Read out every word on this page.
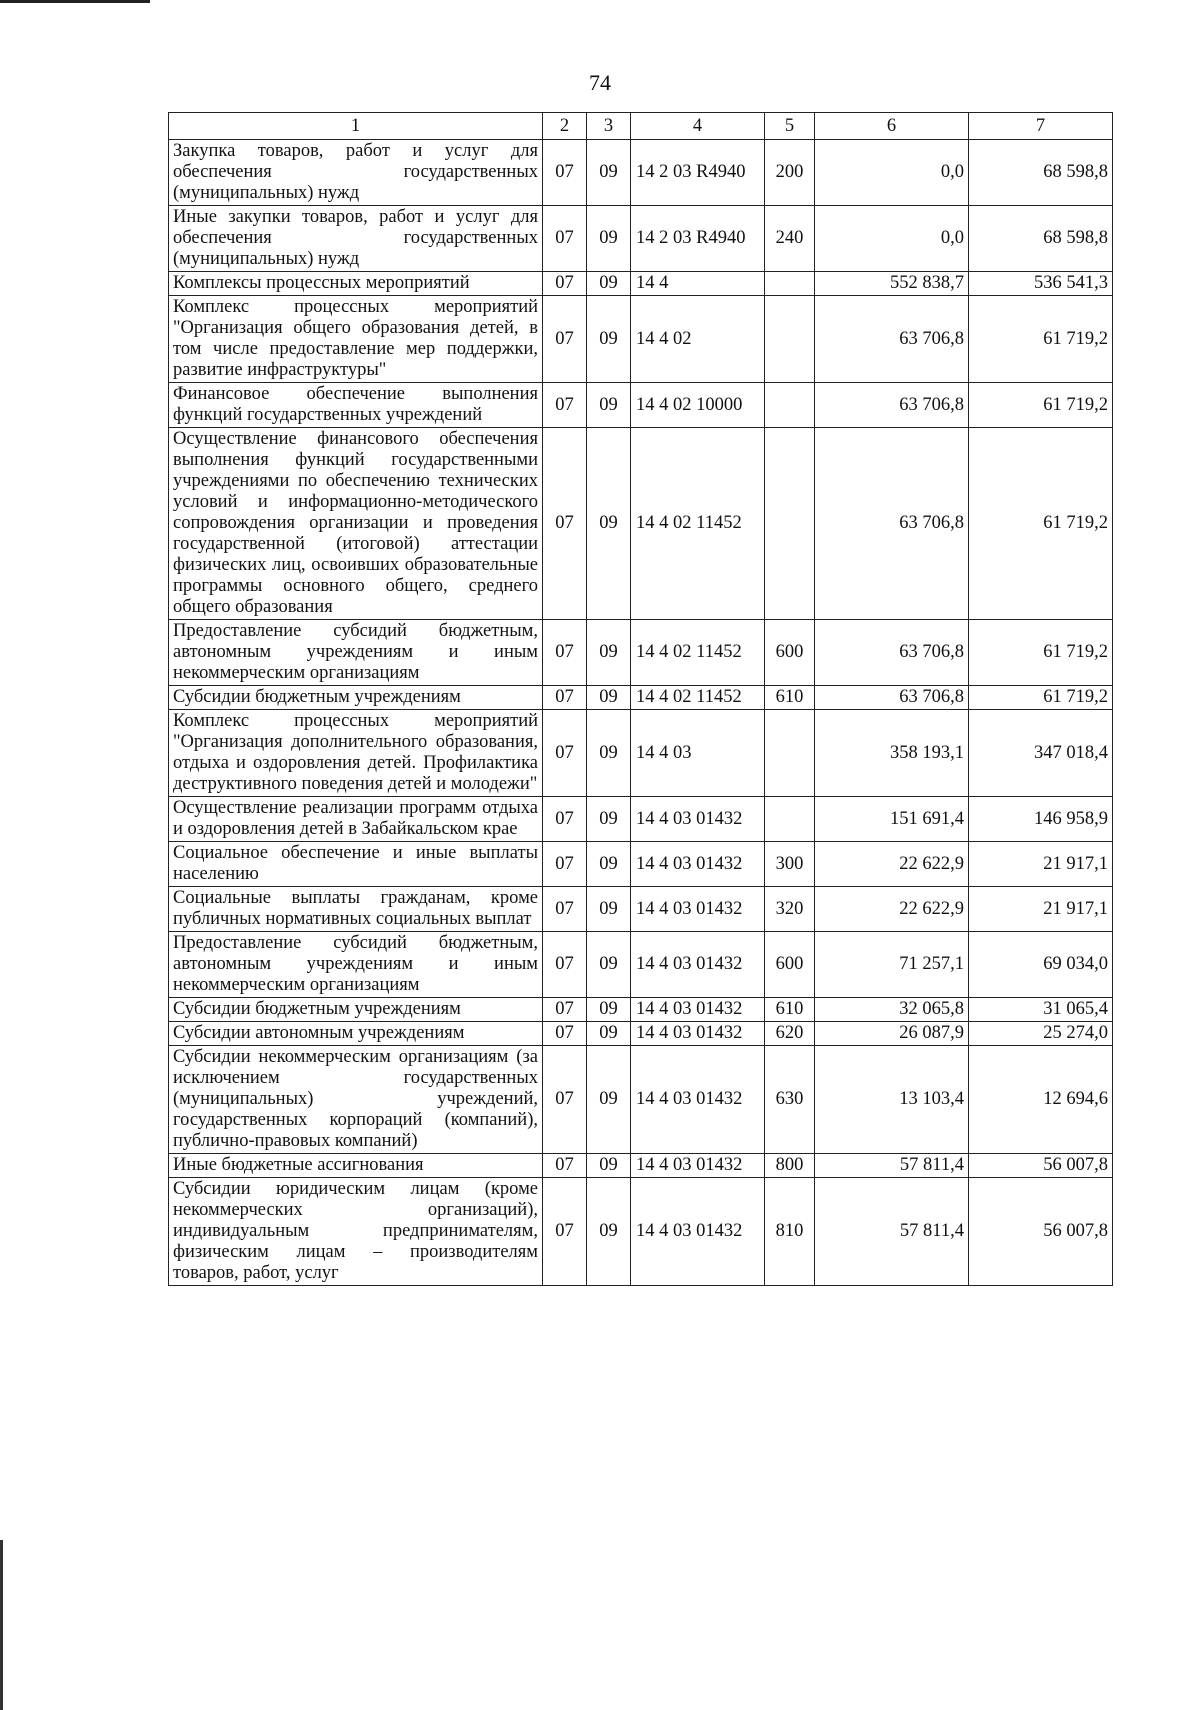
74
1	2	3	4	5	6	7
Закупка товаров, работ и услуг для обеспечения государственных (муниципальных) нужд	07	09	14 2 03 R4940	200	0,0	68 598,8
Иные закупки товаров, работ и услуг для обеспечения государственных (муниципальных) нужд	07	09	14 2 03 R4940	240	0,0	68 598,8
Комплексы процессных мероприятий	07	09	14 4		552 838,7	536 541,3
Комплекс процессных мероприятий "Организация общего образования детей, в том числе предоставление мер поддержки, развитие инфраструктуры"	07	09	14 4 02		63 706,8	61 719,2
Финансовое обеспечение выполнения функций государственных учреждений	07	09	14 4 02 10000		63 706,8	61 719,2
Осуществление финансового обеспечения выполнения функций государственными учреждениями по обеспечению технических условий и информационно-методического сопровождения организации и проведения государственной (итоговой) аттестации физических лиц, освоивших образовательные программы основного общего, среднего общего образования	07	09	14 4 02 11452		63 706,8	61 719,2
Предоставление субсидий бюджетным, автономным учреждениям и иным некоммерческим организациям	07	09	14 4 02 11452	600	63 706,8	61 719,2
Субсидии бюджетным учреждениям	07	09	14 4 02 11452	610	63 706,8	61 719,2
Комплекс процессных мероприятий "Организация дополнительного образования, отдыха и оздоровления детей. Профилактика деструктивного поведения детей и молодежи"	07	09	14 4 03		358 193,1	347 018,4
Осуществление реализации программ отдыха и оздоровления детей в Забайкальском крае	07	09	14 4 03 01432		151 691,4	146 958,9
Социальное обеспечение и иные выплаты населению	07	09	14 4 03 01432	300	22 622,9	21 917,1
Социальные выплаты гражданам, кроме публичных нормативных социальных выплат	07	09	14 4 03 01432	320	22 622,9	21 917,1
Предоставление субсидий бюджетным, автономным учреждениям и иным некоммерческим организациям	07	09	14 4 03 01432	600	71 257,1	69 034,0
Субсидии бюджетным учреждениям	07	09	14 4 03 01432	610	32 065,8	31 065,4
Субсидии автономным учреждениям	07	09	14 4 03 01432	620	26 087,9	25 274,0
Субсидии некоммерческим организациям (за исключением государственных (муниципальных) учреждений, государственных корпораций (компаний), публично-правовых компаний)	07	09	14 4 03 01432	630	13 103,4	12 694,6
Иные бюджетные ассигнования	07	09	14 4 03 01432	800	57 811,4	56 007,8
Субсидии юридическим лицам (кроме некоммерческих организаций), индивидуальным предпринимателям, физическим лицам – производителям товаров, работ, услуг	07	09	14 4 03 01432	810	57 811,4	56 007,8
